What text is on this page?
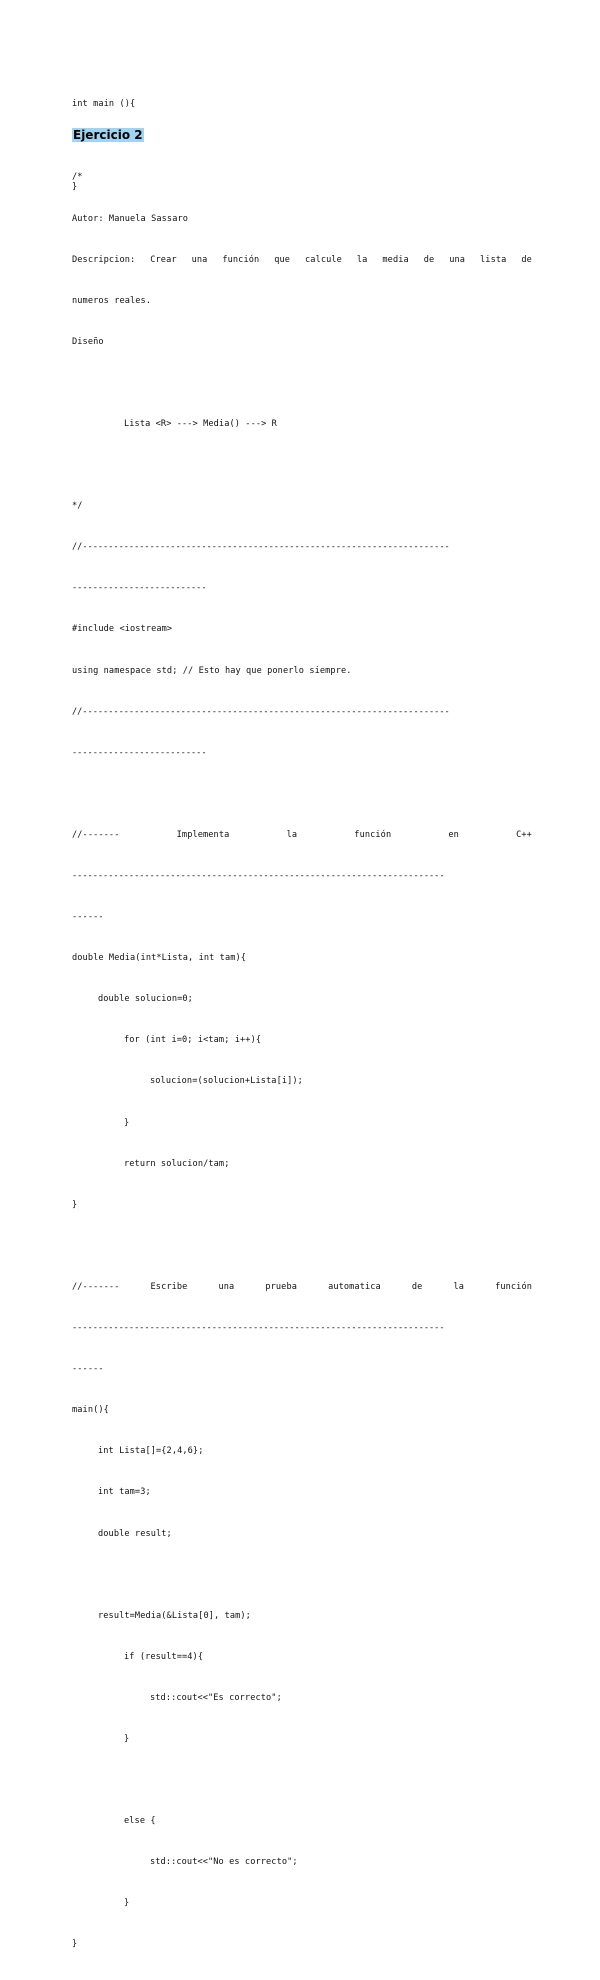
int main (){

}

Ejercicio 2

/*

Autor: Manuela Sassaro

Descripcion: Crear una función que calcule la media de una lista de

numeros reales.

Diseño

Lista <R> ---> Media() ---> R

*/

//-----------------------------------------------------------------------

--------------------------

#include <iostream>

using namespace std; // Esto hay que ponerlo siempre.

//-----------------------------------------------------------------------

--------------------------

//-------	Implementa	la	función	en	C++

------------------------------------------------------------------------

------

double Media(int*Lista, int tam){

double solucion=0;

for (int i=0; i<tam; i++){

solucion=(solucion+Lista[i]);

}

return solucion/tam;

}

//-------	Escribe	una	prueba	automatica	de	la	función

------------------------------------------------------------------------

------

main(){

int Lista[]={2,4,6};

int tam=3;

double result;

result=Media(&Lista[0], tam);

if (result==4){

std::cout<<"Es correcto";

}

else {

std::cout<<"No es correcto";

}

}
